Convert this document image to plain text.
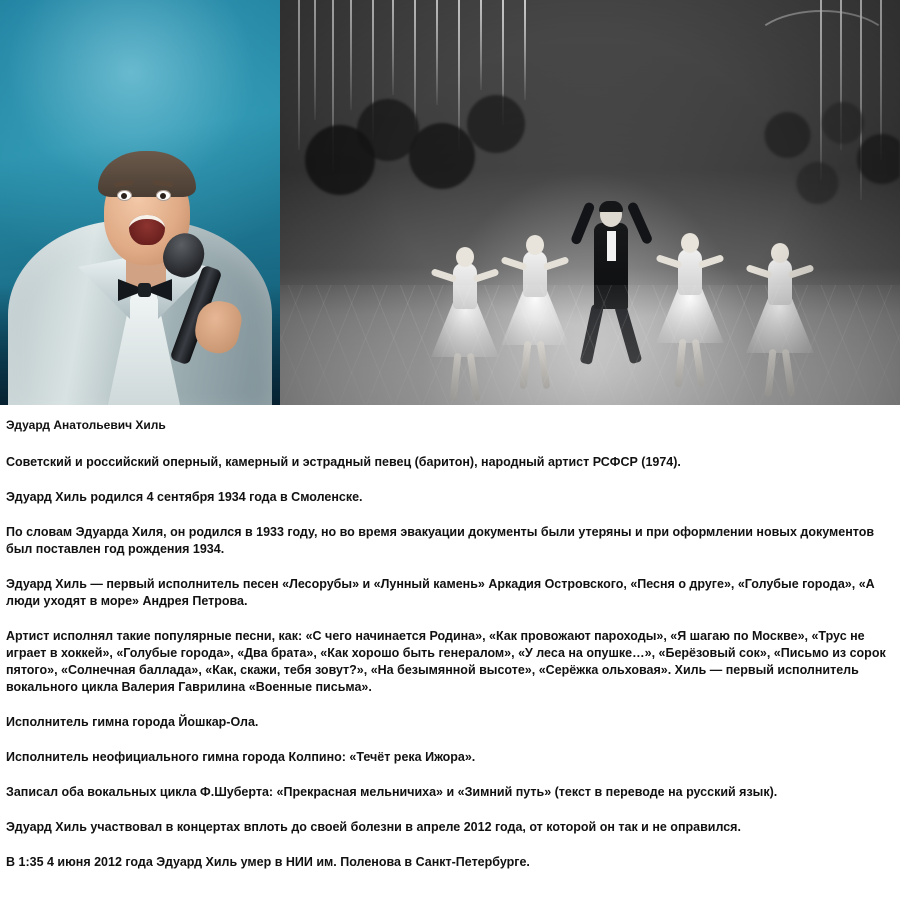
Эдуард Анатольевич Хиль

Советский и российский оперный, камерный и эстрадный певец (баритон), народный артист РСФСР (1974).

Эдуард Хиль родился 4 сентября 1934 года в Смоленске.

По словам Эдуарда Хиля, он родился в 1933 году, но во время эвакуации документы были утеряны и при оформлении новых документов был поставлен год рождения 1934.

Эдуард Хиль — первый исполнитель песен «Лесорубы» и «Лунный камень» Аркадия Островского, «Песня о друге», «Голубые города», «А люди уходят в море» Андрея Петрова.

Артист исполнял такие популярные песни, как: «С чего начинается Родина», «Как провожают пароходы», «Я шагаю по Москве», «Трус не играет в хоккей», «Голубые города», «Два брата», «Как хорошо быть генералом», «У леса на опушке…», «Берёзовый сок», «Письмо из сорок пятого», «Солнечная баллада», «Как, скажи, тебя зовут?», «На безымянной высоте», «Серёжка ольховая». Хиль — первый исполнитель вокального цикла Валерия Гаврилина «Военные письма».

Исполнитель гимна города Йошкар-Ола.

Исполнитель неофициального гимна города Колпино: «Течёт река Ижора».

Записал оба вокальных цикла Ф.Шуберта: «Прекрасная мельничиха» и «Зимний путь» (текст в переводе на русский язык).

Эдуард Хиль участвовал в концертах вплоть до своей болезни в апреле 2012 года, от которой он так и не оправился.

В 1:35 4 июня 2012 года Эдуард Хиль умер в НИИ им. Поленова в Санкт-Петербурге.
